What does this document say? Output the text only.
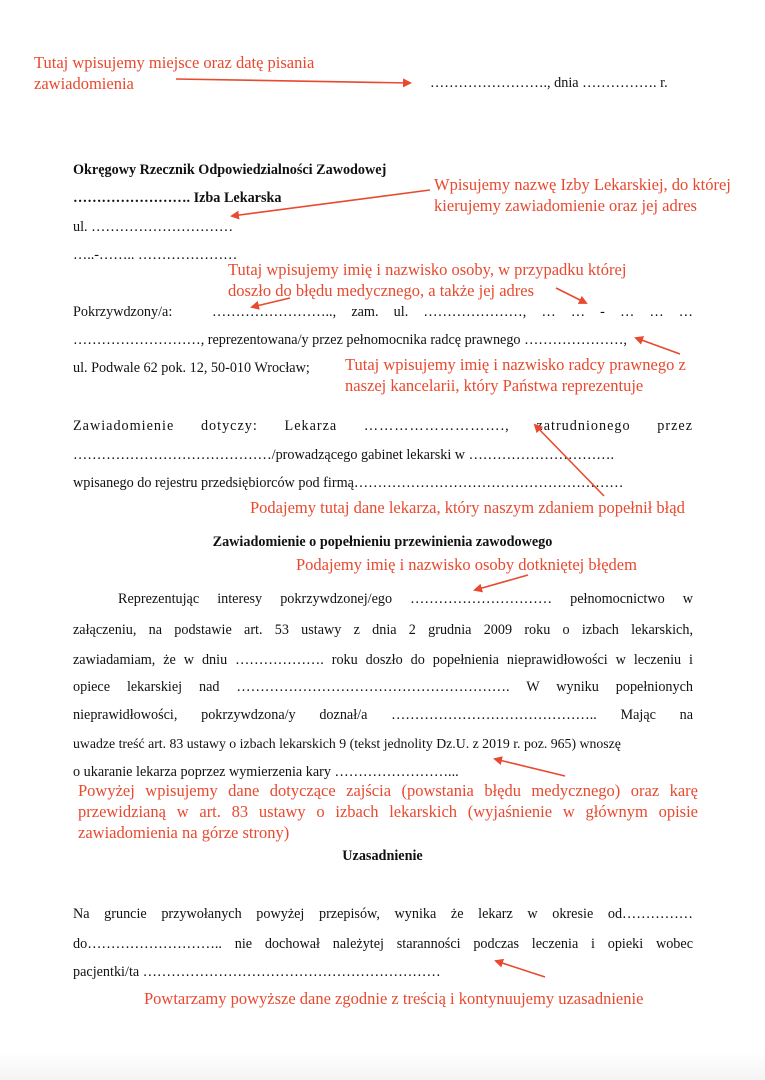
Tutaj wpisujemy miejsce oraz datę pisania
zawiadomienia	……………………., dnia ……………. r.
Okręgowy Rzecznik Odpowiedzialności Zawodowej
……………………. Izba Lekarska
ul. …………………………
…..-…….. …………………
Wpisujemy nazwę Izby Lekarskiej, do której
kierujemy zawiadomienie oraz jej adres
Tutaj wpisujemy imię i nazwisko osoby, w przypadku której
doszło do błędu medycznego, a także jej adres
Pokrzywdzony/a:	…………………….., zam. ul. …………………, … … - … … …
………………………, reprezentowana/y przez pełnomocnika radcę prawnego …………………,
ul. Podwale 62 pok. 12, 50-010 Wrocław; Tutaj wpisujemy imię i nazwisko radcy prawnego z
naszej kancelarii, który Państwa reprezentuje
Zawiadomienie dotyczy: Lekarza ………………………., zatrudnionego przez
……………………………………/prowadzącego gabinet lekarski w ………………………….
wpisanego do rejestru przedsiębiorców pod firmą…………………………………………………
Podajemy tutaj dane lekarza, który naszym zdaniem popełnił błąd
Zawiadomienie o popełnieniu przewinienia zawodowego
Podajemy imię i nazwisko osoby dotkniętej błędem
Reprezentując interesy pokrzywdzonej/ego ………………………… pełnomocnictwo w
załączeniu, na podstawie art. 53 ustawy z dnia 2 grudnia 2009 roku o izbach lekarskich,
zawiadamiam, że w dniu ………………. roku doszło do popełnienia nieprawidłowości w leczeniu i
opiece lekarskiej nad …………………………………………………. W wyniku popełnionych
nieprawidłowości, pokrzywdzona/y doznał/a …………………………………….. Mając na
uwadze treść art. 83 ustawy o izbach lekarskich 9 (tekst jednolity Dz.U. z 2019 r. poz. 965) wnoszę
o ukaranie lekarza poprzez wymierzenia kary ……………………...
Powyżej wpisujemy dane dotyczące zajścia (powstania błędu medycznego) oraz karę
przewidzianą w art. 83 ustawy o izbach lekarskich (wyjaśnienie w głównym opisie
zawiadomienia na górze strony)
Uzasadnienie
Na gruncie przywołanych powyżej przepisów, wynika że lekarz w okresie od……………
do……………………….. nie dochował należytej staranności podczas leczenia i opieki wobec
pacjentki/ta ………………………………………………………
Powtarzamy powyższe dane zgodnie z treścią i kontynuujemy uzasadnienie
